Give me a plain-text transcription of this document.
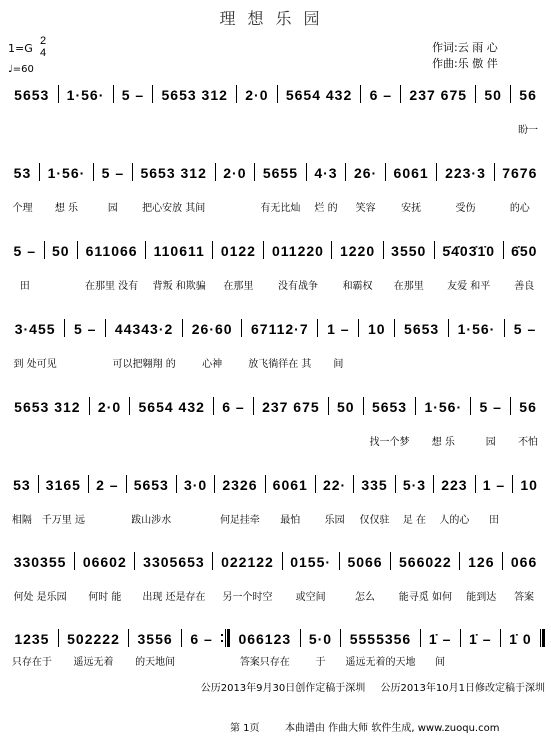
理想乐园
1=G
2
4
♩=60
作词:云 雨 心
作曲:乐 傲 伴
5653	1·56·	5 –	5653 312	2·0	5654 432	6 –	237 675	50	56
盼一
53
个理
1·56·
想 乐
5 –
园
5653 312
把心安放 其间
2·0	5655
有无比灿
4·3
烂 的
26·
笑容
6061
安抚
223·3
受伤
7676
的心
5 –
田
50	611066
在那里 没有
110611
背叛 和欺骗
0122
在那里
011220
没有战争
1220
和霸权
3550
在那里
5̇4̇03̇1̇0
友爱 和平
6̇50
善良
3·455
到 处可见
5 –	44343·2
可以把翱翔 的
26·60
心神
67112·7
放飞徜徉在 其
1 –
间
10	5653	1·56·	5 –
5653 312	2·0	5654 432	6 –	237 675	50	5653
找一个梦
1·56·
想 乐
5 –
园
56
不怕
53
相隔
3165
千万里 远
2 –	5653
跋山涉水
3·0	2326
何足挂牵
6061
最怕
22·
乐园
335
仅仅驻
5·3
足 在
223
人的心
1 –
田
10
330355
何处 是乐园
06602
何时 能
3305653
出现 还是存在
022122
另一个时空
0155·
或空间
5066
怎么
566022
能寻觅 如何
126
能到达
066
答案
1235
只存在于
502222
遥远无着
3556
的天地间
6 –	066123
答案只存在
5·0
于
5555356
遥远无着的天地
1̇ –
间
1̇ –	1̇ 0
公历2013年9月30日创作定稿于深圳 公历2013年10月1日修改定稿于深圳
第 1页	本曲谱由 作曲大师 软件生成, www.zuoqu.com
